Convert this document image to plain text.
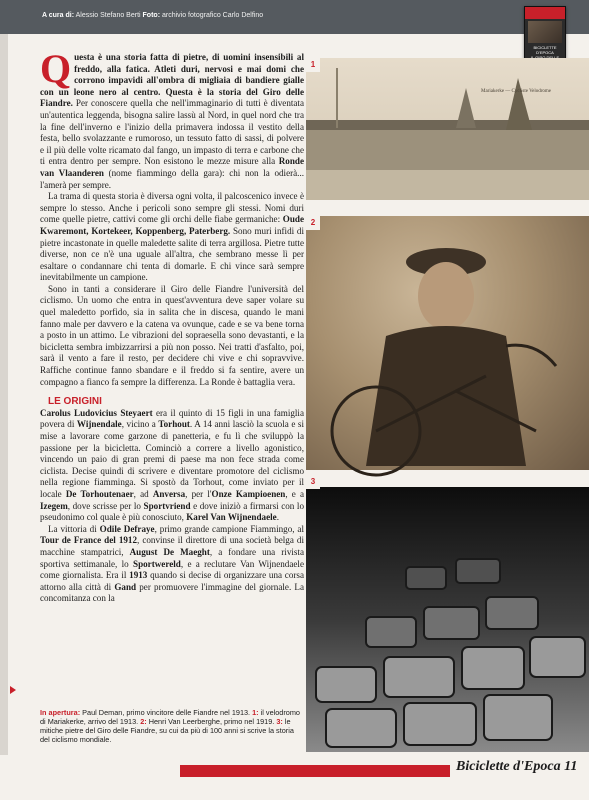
A cura di: Alessio Stefano Berti Foto: archivio fotografico Carlo Delfino
BICICLETTE D'EPOCA

Questa è una storia fatta di pietre, di uomini insensibili al freddo, alla fatica. Atleti duri, nervosi e mai domi che corrono impavidi all'ombra di migliaia di bandiere gialle con un leone nero al centro. Questa è la storia del Giro delle Fiandre. Per conoscere quella che nell'immaginario di tutti è diventata un'autentica leggenda, bisogna salire lassù al Nord, in quel nord che tra la fine dell'inverno e l'inizio della primavera indossa il vestito della festa, bello svolazzante e rumoroso, un tessuto fatto di sassi, di polvere e il più delle volte ricamato dal fango, un impasto di terra e carbone che ti entra dentro per sempre. Non esistono le mezze misure alla Ronde van Vlaanderen (nome fiammingo della gara): chi non la odierà... l'amerà per sempre.

La trama di questa storia è diversa ogni volta, il palcoscenico invece è sempre lo stesso. Anche i pericoli sono sempre gli stessi. Nomi duri come quelle pietre, cattivi come gli orchi delle fiabe germaniche: Oude Kwaremont, Kortekeer, Koppenberg, Paterberg. Sono muri infidi di pietre incastonate in quelle maledette salite di terra argillosa. Pietre tutte diverse, non ce n'è una uguale all'altra, che sembrano messe lì per esaltare o condannare chi tenta di domarle. E chi vince sarà sempre inevitabilmente un campione.

Sono in tanti a considerare il Giro delle Fiandre l'università del ciclismo. Un uomo che entra in quest'avventura deve saper volare su quel maledetto porfido, sia in salita che in discesa, quando le mani fanno male per davvero e la catena va ovunque, cade e se va bene torna a posto in un attimo. Le vibrazioni del sopraesella sono devastanti, e la bicicletta sembra imbizzarrirsi a più non posso. Nei tratti d'asfalto, poi, sarà il vento a fare il resto, per decidere chi vive e chi sopravvive. Raffiche continue fanno sbandare e il freddo si fa sentire, avere un compagno a fianco fa sempre la differenza. La Ronde è battaglia vera.

LE ORIGINI

Carolus Ludovicius Steyaert era il quinto di 15 figli in una famiglia povera di Wijnendale, vicino a Torhout. A 14 anni lasciò la scuola e si mise a lavorare come garzone di panetteria, e fu lì che sviluppò la passione per la bicicletta. Cominciò a correre a livello agonistico, vincendo un paio di gran premi di paese ma non fece strada come ciclista. Decise quindi di scrivere e diventare promotore del ciclismo nella regione fiamminga. Si spostò da Torhout, come inviato per il locale De Torhoutenaer, ad Anversa, per l'Onze Kampioenen, e a Izegem, dove scrisse per lo Sportvriend e dove iniziò a firmarsi con lo pseudonimo col quale è più conosciuto, Karel Van Wijnendaele.

La vittoria di Odile Defraye, primo grande campione Fiammingo, al Tour de France del 1912, convinse il direttore di una società belga di macchine stampatrici, August De Maeght, a fondare una rivista sportiva settimanale, lo Sportwereld, e a reclutare Van Wijnendaele come giornalista. Era il 1913 quando si decise di organizzare una corsa attorno alla città di Gand per promuovere l'immagine del giornale. La concomitanza con la

In apertura: Paul Deman, primo vincitore delle Fiandre nel 1913. 1: il velodromo di Mariakerke, arrivo del 1913. 2: Henri Van Leerberghe, primo nel 1919. 3: le mitiche pietre del Giro delle Fiandre, su cui da più di 100 anni si scrive la storia del ciclismo mondiale.
Mariakerke — Cycliste Velodrome
1
2
3
Biciclette d'Epoca 11
